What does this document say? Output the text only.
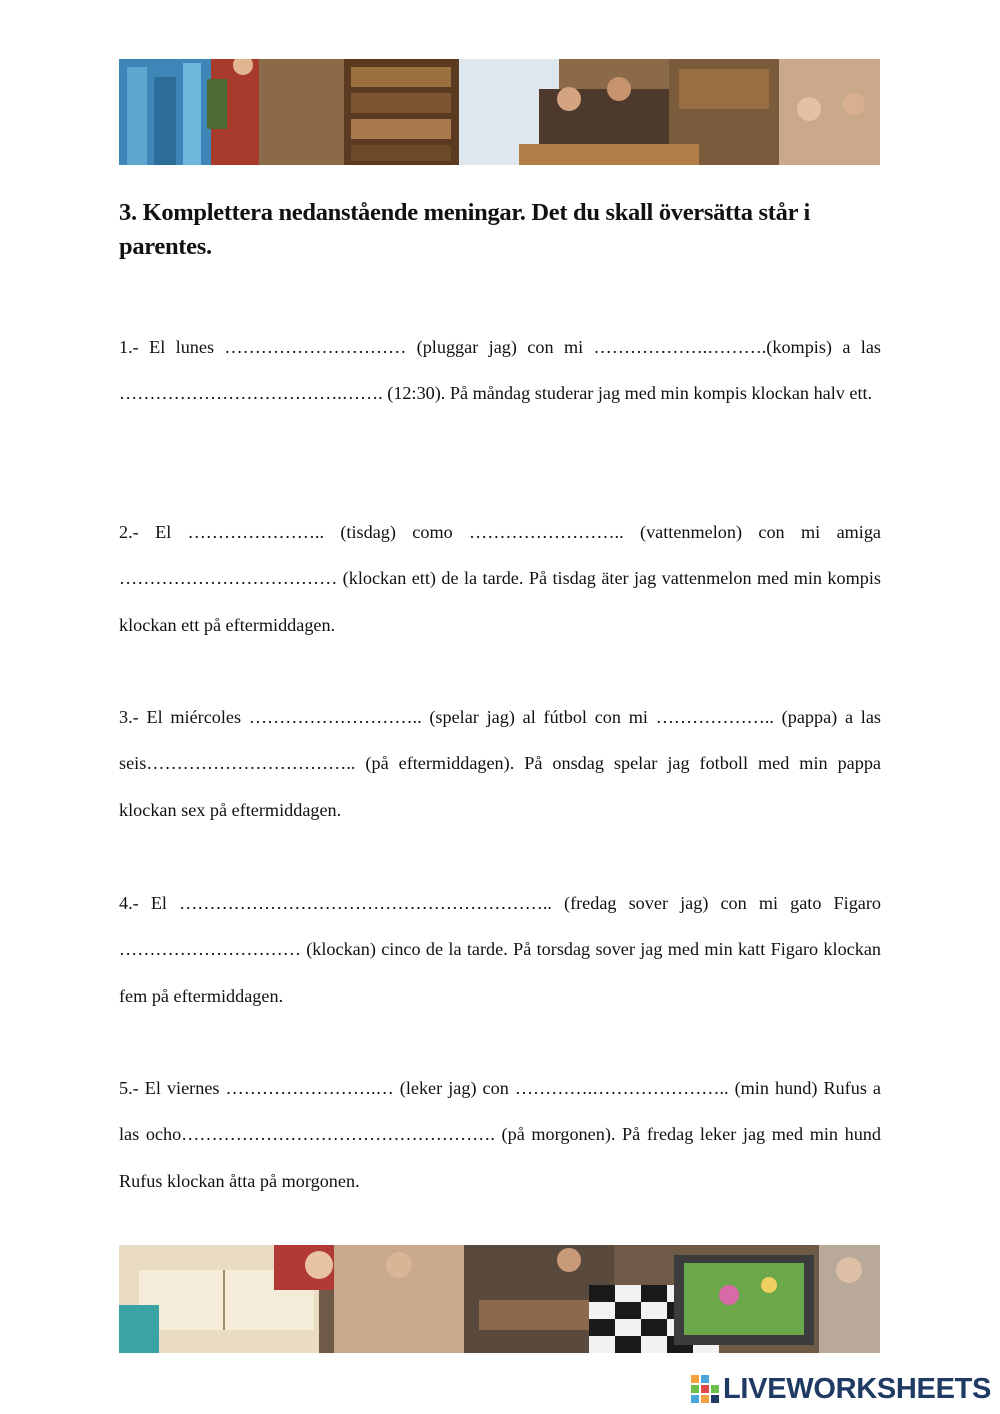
3. Komplettera nedanstående meningar. Det du skall översätta står i parentes.

1.- El lunes ………………………… (pluggar jag) con mi ……………….……….(kompis) a las ……………………………….……. (12:30). På måndag studerar jag med min kompis klockan halv ett.

2.- El ………………….. (tisdag) como …………………….. (vattenmelon) con mi amiga ……………………………… (klockan ett) de la tarde. På tisdag äter jag vattenmelon med min kompis klockan ett på eftermiddagen.

3.- El miércoles ……………………….. (spelar jag) al fútbol con mi ……………….. (pappa) a las seis…………………………….. (på eftermiddagen). På onsdag spelar jag fotboll med min pappa klockan sex på eftermiddagen.

4.- El …………………………………………………….. (fredag sover jag) con mi gato Figaro ………………………… (klockan) cinco de la tarde. På torsdag sover jag med min katt Figaro klockan fem på eftermiddagen.

5.- El viernes …………………….… (leker jag) con ………….………………….. (min hund) Rufus a las ocho……………………………………………. (på morgonen). På fredag leker jag med min hund Rufus klockan åtta på morgonen.

LIVEWORKSHEETS
